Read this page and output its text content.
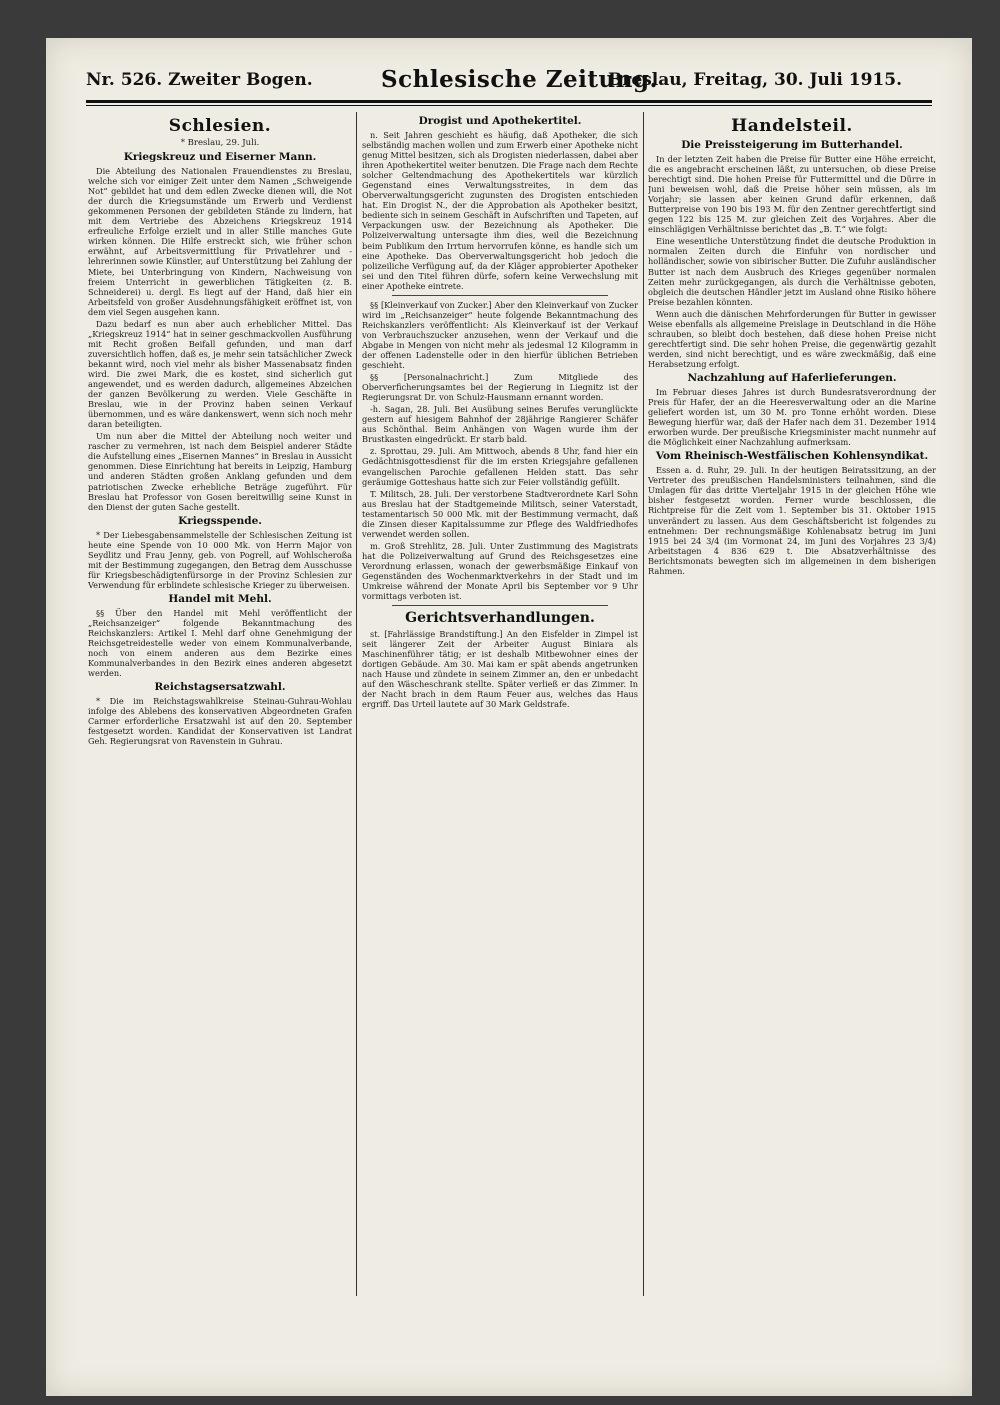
Nr. 526. Zweiter Bogen.	Schlesische Zeitung.
Breslau, Freitag, 30. Juli 1915.
Schlesien.
* Breslau, 29. Juli.
Kriegskreuz und Eiserner Mann.

Die Abteilung des Nationalen Frauendienstes zu Breslau, welche sich vor einiger Zeit unter dem Namen „Schweigende Not“ gebildet hat und dem edlen Zwecke dienen will, die Not der durch die Kriegsumstände um Erwerb und Verdienst gekommenen Personen der gebildeten Stände zu lindern, hat mit dem Vertriebe des Abzeichens Kriegskreuz 1914 erfreuliche Erfolge erzielt und in aller Stille manches Gute wirken können. Die Hilfe erstreckt sich, wie früher schon erwähnt, auf Arbeitsvermittlung für Privatlehrer und -lehrerinnen sowie Künstler, auf Unterstützung bei Zahlung der Miete, bei Unterbringung von Kindern, Nachweisung von freiem Unterricht in gewerblichen Tätigkeiten (z. B. Schneiderei) u. dergl. Es liegt auf der Hand, daß hier ein Arbeitsfeld von großer Ausdehnungsfähigkeit eröffnet ist, von dem viel Segen ausgehen kann.

Dazu bedarf es nun aber auch erheblicher Mittel. Das „Kriegskreuz 1914“ hat in seiner geschmackvollen Ausführung mit Recht großen Beifall gefunden, und man darf zuversichtlich hoffen, daß es, je mehr sein tatsächlicher Zweck bekannt wird, noch viel mehr als bisher Massenabsatz finden wird. Die zwei Mark, die es kostet, sind sicherlich gut angewendet, und es werden dadurch, allgemeines Abzeichen der ganzen Bevölkerung zu werden. Viele Geschäfte in Breslau, wie in der Provinz haben seinen Verkauf übernommen, und es wäre dankenswert, wenn sich noch mehr daran beteiligten.

Um nun aber die Mittel der Abteilung noch weiter und rascher zu vermehren, ist nach dem Beispiel anderer Städte die Aufstellung eines „Eisernen Mannes“ in Breslau in Aussicht genommen. Diese Einrichtung hat bereits in Leipzig, Hamburg und anderen Städten großen Anklang gefunden und dem patriotischen Zwecke erhebliche Beträge zugeführt. Für Breslau hat Professor von Gosen bereitwillig seine Kunst in den Dienst der guten Sache gestellt.

Kriegsspende.

* Der Liebesgabensammelstelle der Schlesischen Zeitung ist heute eine Spende von 10 000 Mk. von Herrn Major von Seydlitz und Frau Jenny, geb. von Pogrell, auf Wohlscheroßa mit der Bestimmung zugegangen, den Betrag dem Ausschusse für Kriegsbeschädigtenfürsorge in der Provinz Schlesien zur Verwendung für erblindete schlesische Krieger zu überweisen.

Handel mit Mehl.

§§ Über den Handel mit Mehl veröffentlicht der „Reichsanzeiger“ folgende Bekanntmachung des Reichskanzlers: Artikel I. Mehl darf ohne Genehmigung der Reichsgetreidestelle weder von einem Kommunalverbande, noch von einem anderen aus dem Bezirke eines Kommunalverbandes in den Bezirk eines anderen abgesetzt werden.

Reichstagsersatzwahl.

* Die im Reichstagswahlkreise Steinau-Guhrau-Wohlau infolge des Ablebens des konservativen Abgeordneten Grafen Carmer erforderliche Ersatzwahl ist auf den 20. September festgesetzt worden. Kandidat der Konservativen ist Landrat Geh. Regierungsrat von Ravenstein in Guhrau.

Drogist und Apothekertitel.

n. Seit Jahren geschieht es häufig, daß Apotheker, die sich selbständig machen wollen und zum Erwerb einer Apotheke nicht genug Mittel besitzen, sich als Drogisten niederlassen, dabei aber ihren Apothekertitel weiter benutzen. Die Frage nach dem Rechte solcher Geltendmachung des Apothekertitels war kürzlich Gegenstand eines Verwaltungsstreites, in dem das Oberverwaltungsgericht zugunsten des Drogisten entschieden hat. Ein Drogist N., der die Approbation als Apotheker besitzt, bediente sich in seinem Geschäft in Aufschriften und Tapeten, auf Verpackungen usw. der Bezeichnung als Apotheker. Die Polizeiverwaltung untersagte ihm dies, weil die Bezeichnung beim Publikum den Irrtum hervorrufen könne, es handle sich um eine Apotheke. Das Oberverwaltungsgericht hob jedoch die polizeiliche Verfügung auf, da der Kläger approbierter Apotheker sei und den Titel führen dürfe, sofern keine Verwechslung mit einer Apotheke eintrete.

§§ [Kleinverkauf von Zucker.] Aber den Kleinverkauf von Zucker wird im „Reichsanzeiger“ heute folgende Bekanntmachung des Reichskanzlers veröffentlicht: Als Kleinverkauf ist der Verkauf von Verbrauchszucker anzusehen, wenn der Verkauf und die Abgabe in Mengen von nicht mehr als jedesmal 12 Kilogramm in der offenen Ladenstelle oder in den hierfür üblichen Betrieben geschieht.

§§ [Personalnachricht.] Zum Mitgliede des Oberverficherungsamtes bei der Regierung in Liegnitz ist der Regierungsrat Dr. von Schulz-Hausmann ernannt worden.

-h. Sagan, 28. Juli. Bei Ausübung seines Berufes verunglückte gestern auf hiesigem Bahnhof der 28jährige Rangierer Schäfer aus Schönthal. Beim Anhängen von Wagen wurde ihm der Brustkasten eingedrückt. Er starb bald.

z. Sprottau, 29. Juli. Am Mittwoch, abends 8 Uhr, fand hier ein Gedächtnisgottesdienst für die im ersten Kriegsjahre gefallenen evangelischen Parochie gefallenen Helden statt. Das sehr geräumige Gotteshaus hatte sich zur Feier vollständig gefüllt.

T. Militsch, 28. Juli. Der verstorbene Stadtverordnete Karl Sohn aus Breslau hat der Stadtgemeinde Militsch, seiner Vaterstadt, testamentarisch 50 000 Mk. mit der Bestimmung vermacht, daß die Zinsen dieser Kapitalssumme zur Pflege des Waldfriedhofes verwendet werden sollen.

m. Groß Strehlitz, 28. Juli. Unter Zustimmung des Magistrats hat die Polizeiverwaltung auf Grund des Reichsgesetzes eine Verordnung erlassen, wonach der gewerbsmäßige Einkauf von Gegenständen des Wochenmarktverkehrs in der Stadt und im Umkreise während der Monate April bis September vor 9 Uhr vormittags verboten ist.

Gerichtsverhandlungen.

st. [Fahrlässige Brandstiftung.] An den Eisfelder in Zimpel ist seit längerer Zeit der Arbeiter August Biniara als Maschinenführer tätig; er ist deshalb Mitbewohner eines der dortigen Gebäude. Am 30. Mai kam er spät abends angetrunken nach Hause und zündete in seinem Zimmer an, den er unbedacht auf den Wäscheschrank stellte. Später verließ er das Zimmer. In der Nacht brach in dem Raum Feuer aus, welches das Haus ergriff. Das Urteil lautete auf 30 Mark Geldstrafe.

Handelsteil.
Die Preissteigerung im Butterhandel.

In der letzten Zeit haben die Preise für Butter eine Höhe erreicht, die es angebracht erscheinen läßt, zu untersuchen, ob diese Preise berechtigt sind. Die hohen Preise für Futtermittel und die Dürre in Juni beweisen wohl, daß die Preise höher sein müssen, als im Vorjahr; sie lassen aber keinen Grund dafür erkennen, daß Butterpreise von 190 bis 193 M. für den Zentner gerechtfertigt sind gegen 122 bis 125 M. zur gleichen Zeit des Vorjahres. Aber die einschlägigen Verhältnisse berichtet das „B. T.“ wie folgt:

Eine wesentliche Unterstützung findet die deutsche Produktion in normalen Zeiten durch die Einfuhr von nordischer und holländischer, sowie von sibirischer Butter. Die Zufuhr ausländischer Butter ist nach dem Ausbruch des Krieges gegenüber normalen Zeiten mehr zurückgegangen, als durch die Verhältnisse geboten, obgleich die deutschen Händler jetzt im Ausland ohne Risiko höhere Preise bezahlen könnten.

Wenn auch die dänischen Mehrforderungen für Butter in gewisser Weise ebenfalls als allgemeine Preislage in Deutschland in die Höhe schrauben, so bleibt doch bestehen, daß diese hohen Preise nicht gerechtfertigt sind. Die sehr hohen Preise, die gegenwärtig gezahlt werden, sind nicht berechtigt, und es wäre zweckmäßig, daß eine Herabsetzung erfolgt.

Nachzahlung auf Haferlieferungen.

Im Februar dieses Jahres ist durch Bundesratsverordnung der Preis für Hafer, der an die Heeresverwaltung oder an die Marine geliefert worden ist, um 30 M. pro Tonne erhöht worden. Diese Bewegung hierfür war, daß der Hafer nach dem 31. Dezember 1914 erworben wurde. Der preußische Kriegsminister macht nunmehr auf die Möglichkeit einer Nachzahlung aufmerksam.

Vom Rheinisch-Westfälischen Kohlensyndikat.

Essen a. d. Ruhr, 29. Juli. In der heutigen Beiratssitzung, an der Vertreter des preußischen Handelsministers teilnahmen, sind die Umlagen für das dritte Vierteljahr 1915 in der gleichen Höhe wie bisher festgesetzt worden. Ferner wurde beschlossen, die Richtpreise für die Zeit vom 1. September bis 31. Oktober 1915 unverändert zu lassen. Aus dem Geschäftsbericht ist folgendes zu entnehmen: Der rechnungsmäßige Kohlenabsatz betrug im Juni 1915 bei 24 3/4 (im Vormonat 24, im Juni des Vorjahres 23 3/4) Arbeitstagen 4 836 629 t. Die Absatzverhältnisse des Berichtsmonats bewegten sich im allgemeinen in dem bisherigen Rahmen.
